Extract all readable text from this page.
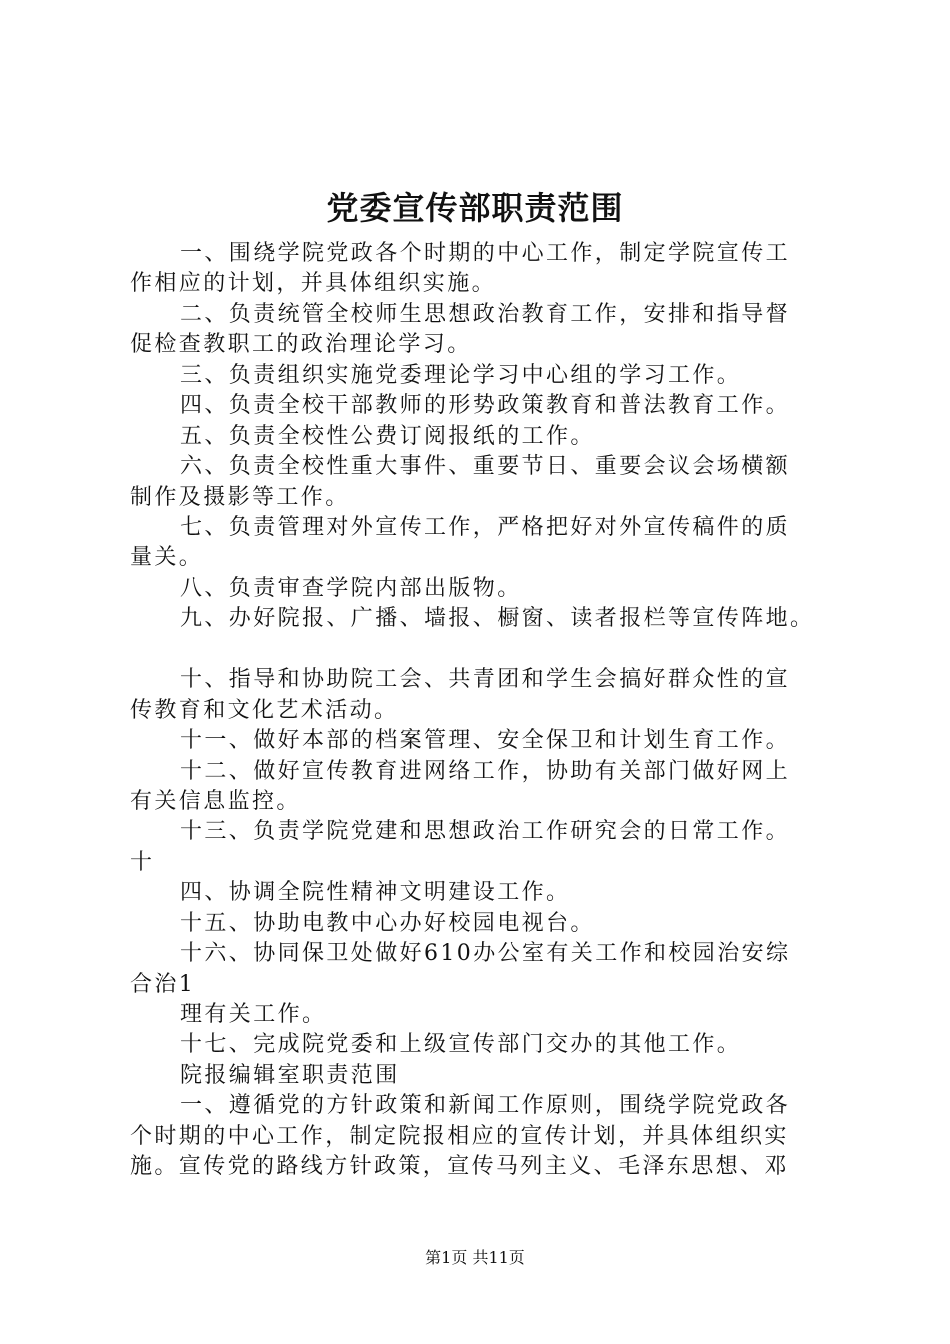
党委宣传部职责范围
一、围绕学院党政各个时期的中心工作，制定学院宣传工
作相应的计划，并具体组织实施。
二、负责统管全校师生思想政治教育工作，安排和指导督
促检查教职工的政治理论学习。
三、负责组织实施党委理论学习中心组的学习工作。
四、负责全校干部教师的形势政策教育和普法教育工作。
五、负责全校性公费订阅报纸的工作。
六、负责全校性重大事件、重要节日、重要会议会场横额
制作及摄影等工作。
七、负责管理对外宣传工作，严格把好对外宣传稿件的质
量关。
八、负责审查学院内部出版物。
九、办好院报、广播、墙报、橱窗、读者报栏等宣传阵地。
十、指导和协助院工会、共青团和学生会搞好群众性的宣
传教育和文化艺术活动。
十一、做好本部的档案管理、安全保卫和计划生育工作。
十二、做好宣传教育进网络工作，协助有关部门做好网上
有关信息监控。
十三、负责学院党建和思想政治工作研究会的日常工作。
十
四、协调全院性精神文明建设工作。
十五、协助电教中心办好校园电视台。
十六、协同保卫处做好610办公室有关工作和校园治安综
合治1
理有关工作。
十七、完成院党委和上级宣传部门交办的其他工作。
院报编辑室职责范围
一、遵循党的方针政策和新闻工作原则，围绕学院党政各
个时期的中心工作，制定院报相应的宣传计划，并具体组织实
施。宣传党的路线方针政策，宣传马列主义、毛泽东思想、邓
第1页 共11页
